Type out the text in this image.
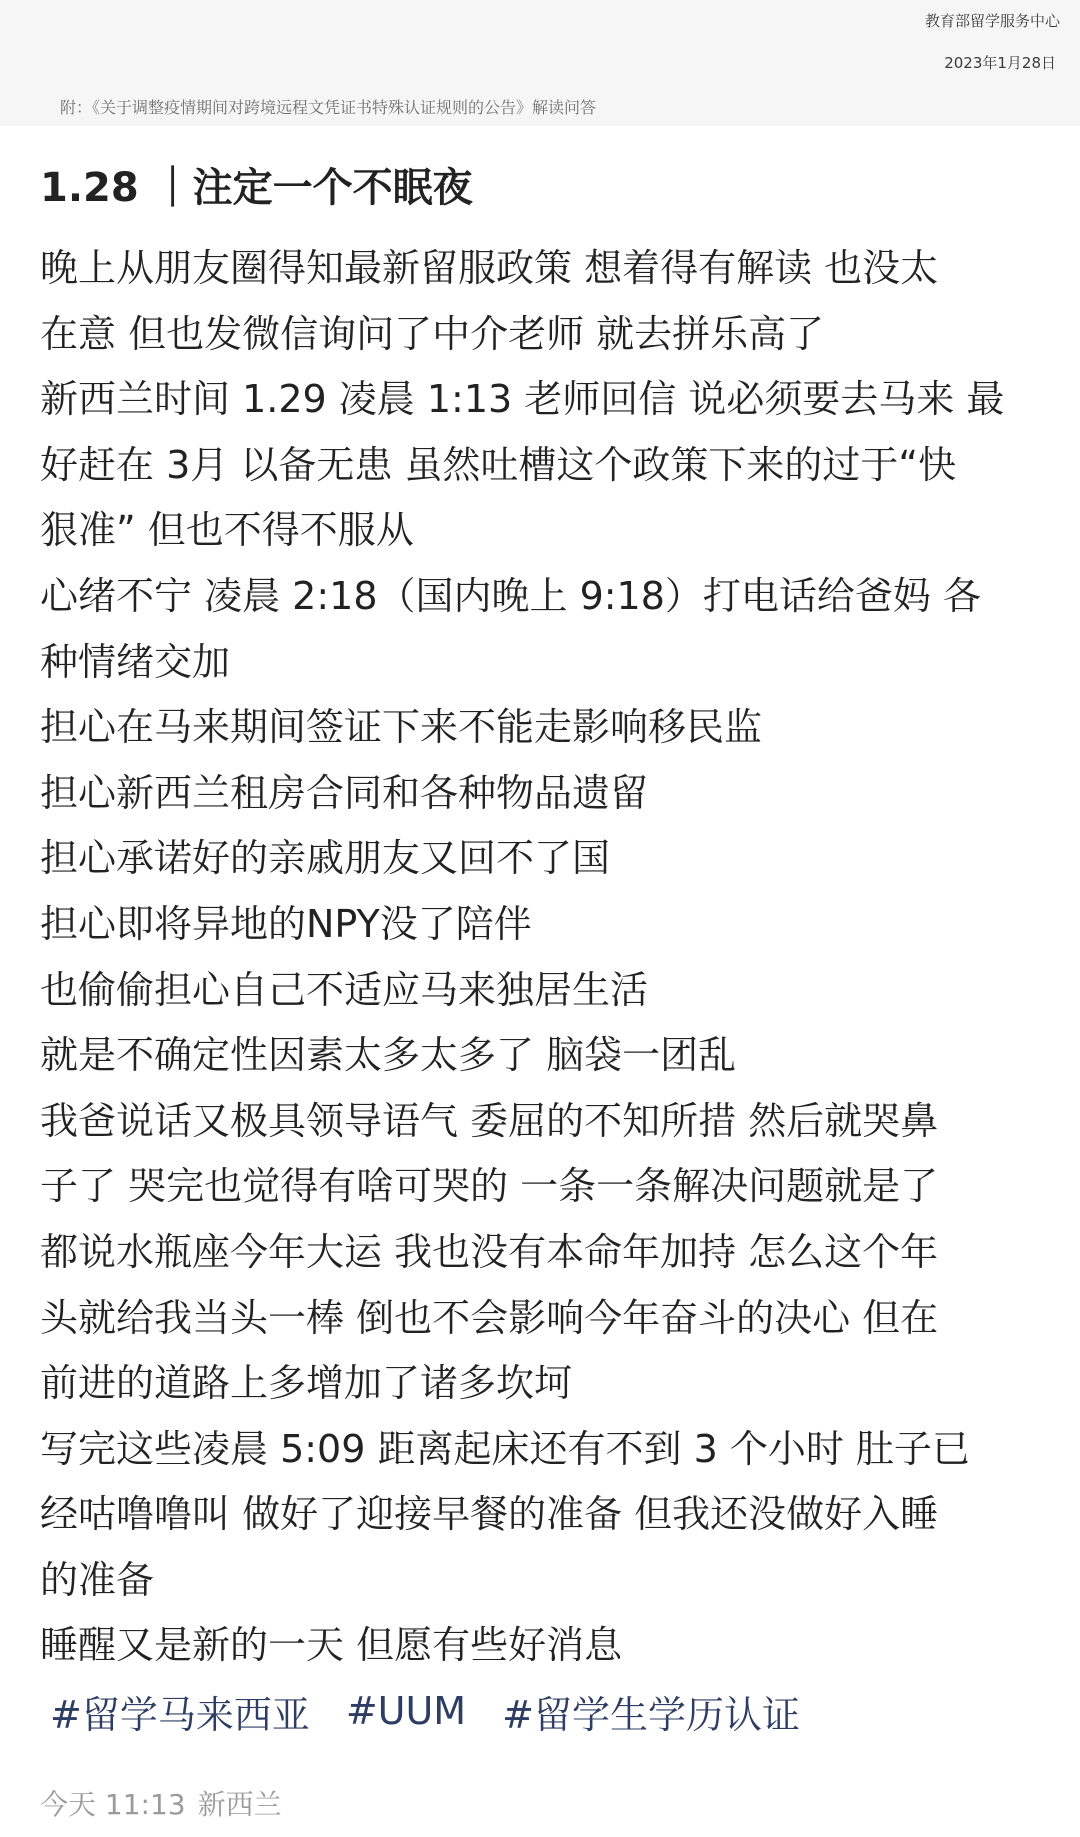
教育部留学服务中心
2023年1月28日
附：《关于调整疫情期间对跨境远程文凭证书特殊认证规则的公告》解读问答
1.28 ｜注定一个不眠夜
晚上从朋友圈得知最新留服政策 想着得有解读 也没太
在意 但也发微信询问了中介老师 就去拼乐高了
新西兰时间 1.29 凌晨 1:13 老师回信 说必须要去马来 最
好赶在 3月 以备无患 虽然吐槽这个政策下来的过于“快
狠准” 但也不得不服从
心绪不宁 凌晨 2:18（国内晚上 9:18）打电话给爸妈 各
种情绪交加
担心在马来期间签证下来不能走影响移民监
担心新西兰租房合同和各种物品遗留
担心承诺好的亲戚朋友又回不了国
担心即将异地的NPY没了陪伴
也偷偷担心自己不适应马来独居生活
就是不确定性因素太多太多了 脑袋一团乱
我爸说话又极具领导语气 委屈的不知所措 然后就哭鼻
子了 哭完也觉得有啥可哭的 一条一条解决问题就是了
都说水瓶座今年大运 我也没有本命年加持 怎么这个年
头就给我当头一棒 倒也不会影响今年奋斗的决心 但在
前进的道路上多增加了诸多坎坷
写完这些凌晨 5:09 距离起床还有不到 3 个小时 肚子已
经咕噜噜叫 做好了迎接早餐的准备 但我还没做好入睡
的准备
睡醒又是新的一天 但愿有些好消息
#留学马来西亚 #UUM #留学生学历认证
今天 11:13 新西兰
